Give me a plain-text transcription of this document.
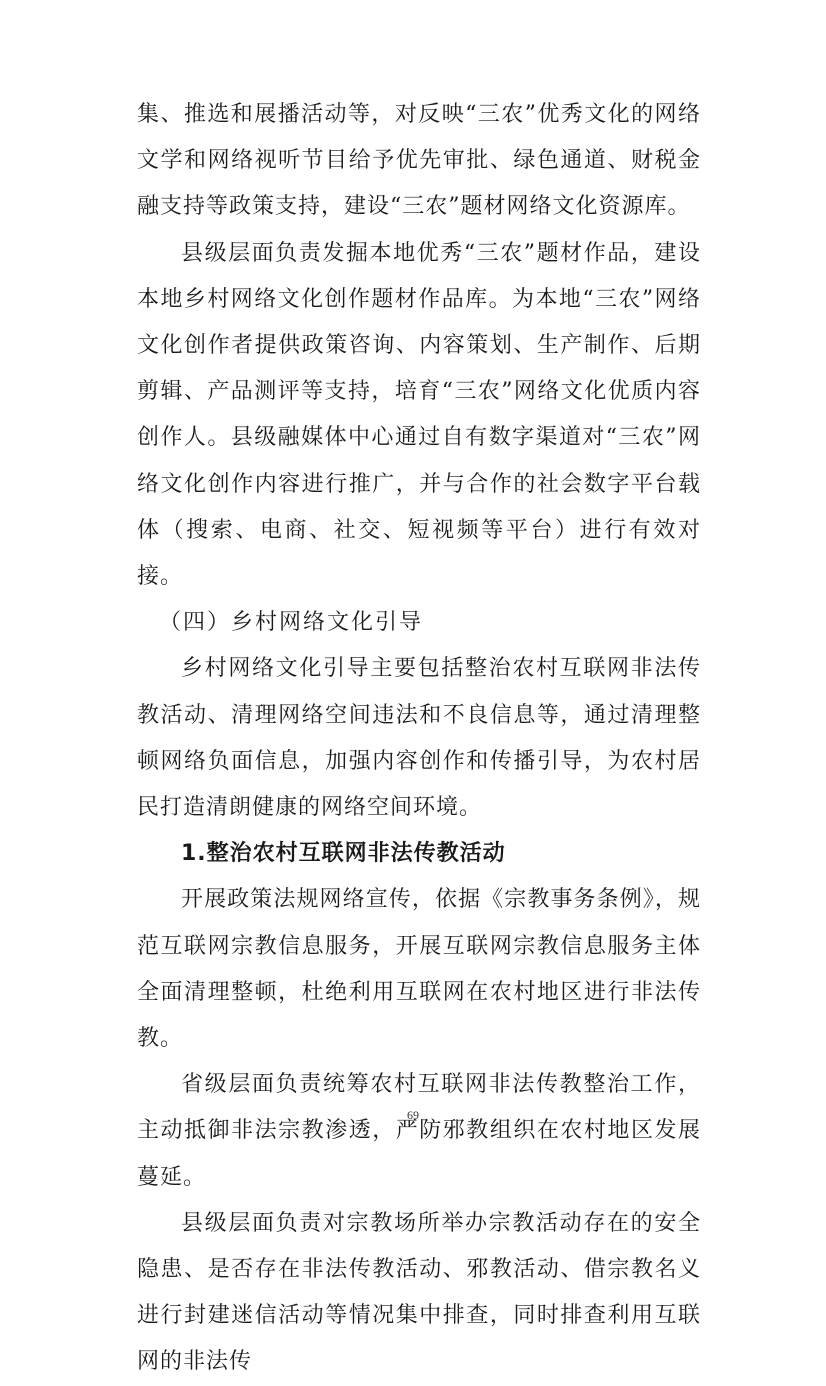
集、推选和展播活动等，对反映“三农”优秀文化的网络文学和网络视听节目给予优先审批、绿色通道、财税金融支持等政策支持，建设“三农”题材网络文化资源库。

县级层面负责发掘本地优秀“三农”题材作品，建设本地乡村网络文化创作题材作品库。为本地“三农”网络文化创作者提供政策咨询、内容策划、生产制作、后期剪辑、产品测评等支持，培育“三农”网络文化优质内容创作人。县级融媒体中心通过自有数字渠道对“三农”网络文化创作内容进行推广，并与合作的社会数字平台载体（搜索、电商、社交、短视频等平台）进行有效对接。

（四）乡村网络文化引导

乡村网络文化引导主要包括整治农村互联网非法传教活动、清理网络空间违法和不良信息等，通过清理整顿网络负面信息，加强内容创作和传播引导，为农村居民打造清朗健康的网络空间环境。

1.整治农村互联网非法传教活动

开展政策法规网络宣传，依据《宗教事务条例》，规范互联网宗教信息服务，开展互联网宗教信息服务主体全面清理整顿，杜绝利用互联网在农村地区进行非法传教。

省级层面负责统筹农村互联网非法传教整治工作，主动抵御非法宗教渗透，严防邪教组织在农村地区发展蔓延。

县级层面负责对宗教场所举办宗教活动存在的安全隐患、是否存在非法传教活动、邪教活动、借宗教名义进行封建迷信活动等情况集中排查，同时排查利用互联网的非法传

69
